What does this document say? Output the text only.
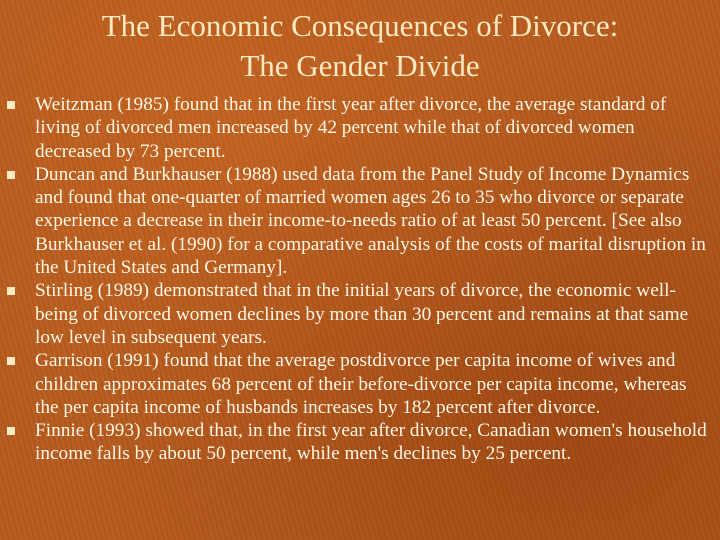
The Economic Consequences of Divorce:
The Gender Divide
Weitzman (1985) found that in the first year after divorce, the average standard of living of divorced men increased by 42 percent while that of divorced women decreased by 73 percent.
Duncan and Burkhauser (1988) used data from the Panel Study of Income Dynamics and found that one-quarter of married women ages 26 to 35 who divorce or separate experience a decrease in their income-to-needs ratio of at least 50 percent. [See also Burkhauser et al. (1990) for a comparative analysis of the costs of marital disruption in the United States and Germany].
Stirling (1989) demonstrated that in the initial years of divorce, the economic well-being of divorced women declines by more than 30 percent and remains at that same low level in subsequent years.
Garrison (1991) found that the average postdivorce per capita income of wives and children approximates 68 percent of their before-divorce per capita income, whereas the per capita income of husbands increases by 182 percent after divorce.
Finnie (1993) showed that, in the first year after divorce, Canadian women's household income falls by about 50 percent, while men's declines by 25 percent.
